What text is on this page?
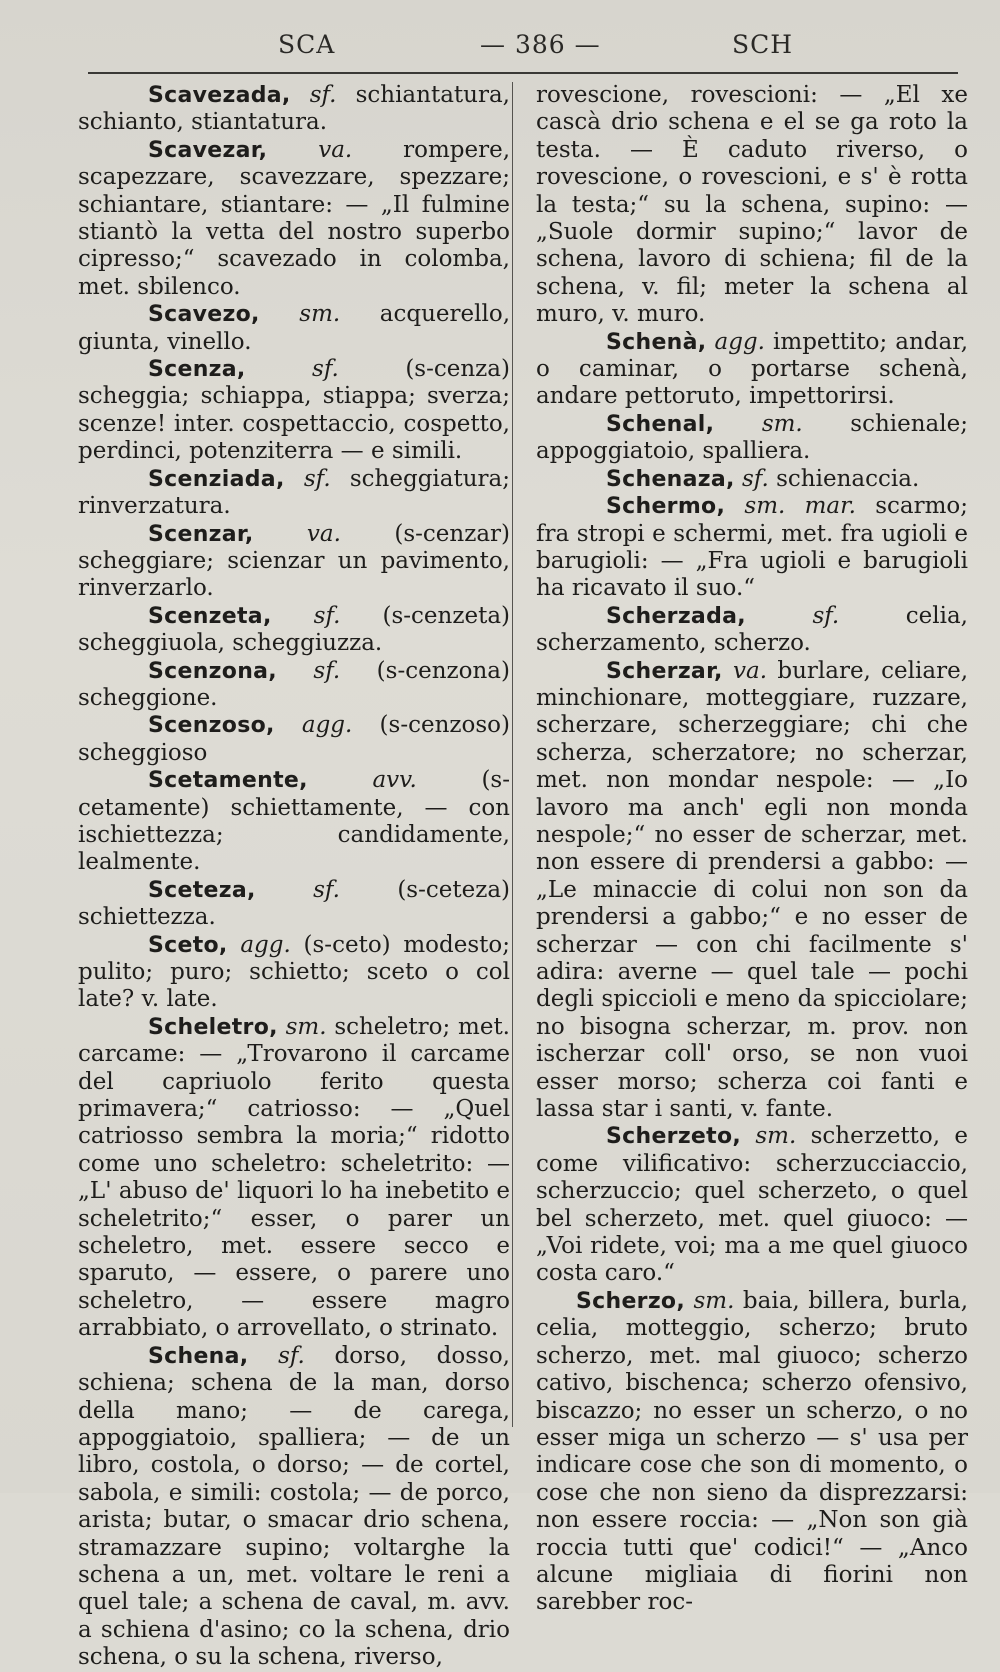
SCA	— 386 —	SCH

Scavezada, sf. schiantatura, schianto, stiantatura.

Scavezar, va. rompere, scapezzare, scavezzare, spezzare; schiantare, stiantare: — „Il fulmine stiantò la vetta del nostro superbo cipresso;“ scavezado in colomba, met. sbilenco.

Scavezo, sm. acquerello, giunta, vinello.

Scenza,	sf.	(s-cenza) scheggia; schiappa, stiappa; sverza; scenze! inter. cospettaccio, cospetto, perdinci, potenziterra — e simili.

Scenziada, sf. scheggiatura; rinverzatura.

Scenzar, va. (s-cenzar) scheggiare; scienzar un pavimento, rinverzarlo.

Scenzeta, sf. (s-cenzeta) scheggiuola, scheggiuzza.

Scenzona, sf. (s-cenzona) scheggione.

Scenzoso, agg. (s-cenzoso) scheggioso

Scetamente,	avv.	(s-cetamente) schiettamente, — con ischiettezza; candidamente, lealmente.

Sceteza, sf. (s-ceteza) schiettezza.

Sceto, agg. (s-ceto) modesto; pulito; puro; schietto; sceto o col late? v. late.

Scheletro, sm. scheletro; met. carcame: — „Trovarono il carcame del capriuolo ferito questa primavera;“ catriosso: — „Quel catriosso sembra la moria;“ ridotto come uno scheletro: scheletrito: — „L' abuso de' liquori lo ha inebetito e scheletrito;“ esser, o parer un scheletro, met. essere secco e sparuto, — essere, o parere uno scheletro, — essere magro arrabbiato, o arrovellato, o strinato.

Schena, sf. dorso, dosso, schiena; schena de la man, dorso della mano; — de carega, appoggiatoio, spalliera; — de un libro, costola, o dorso; — de cortel, sabola, e simili: costola; — de porco, arista; butar, o smacar drio schena, stramazzare supino; voltarghe la schena a un, met. voltare le reni a quel tale; a schena de caval, m. avv. a schiena d'asino; co la schena, drio schena, o su la schena, riverso,

rovescione, rovescioni: — „El xe cascà drio schena e el se ga roto la testa. — È caduto riverso, o rovescione, o rovescioni, e s' è rotta la testa;“ su la schena, supino: — „Suole dormir supino;“ lavor de schena, lavoro di schiena; fil de la schena, v. fil; meter la schena al muro, v. muro.

Schenà, agg. impettito; andar, o caminar, o portarse schenà, andare pettoruto, impettorirsi.

Schenal, sm. schienale; appoggiatoio, spalliera.

Schenaza, sf. schienaccia.

Schermo, sm. mar. scarmo; fra stropi e schermi, met. fra ugioli e barugioli: — „Fra ugioli e barugioli ha ricavato il suo.“

Scherzada,	sf.	celia, scherzamento, scherzo.

Scherzar, va. burlare, celiare, minchionare, motteggiare, ruzzare, scherzare, scherzeggiare; chi che scherza, scherzatore; no scherzar, met. non mondar nespole: — „Io lavoro ma anch' egli non monda nespole;“ no esser de scherzar, met. non essere di prendersi a gabbo: — „Le minaccie di colui non son da prendersi a gabbo;“ e no esser de scherzar — con chi facilmente s' adira: averne — quel tale — pochi degli spiccioli e meno da spicciolare; no bisogna scherzar, m. prov. non ischerzar coll' orso, se non vuoi esser morso; scherza coi fanti e lassa star i santi, v. fante.

Scherzeto, sm. scherzetto, e come vilificativo: scherzucciaccio, scherzuccio; quel scherzeto, o quel bel scherzeto, met. quel giuoco: — „Voi ridete, voi; ma a me quel giuoco costa caro.“

Scherzo, sm. baia, billera, burla, celia, motteggio, scherzo; bruto scherzo, met. mal giuoco; scherzo cativo, bischenca; scherzo ofensivo, biscazzo; no esser un scherzo, o no esser miga un scherzo — s' usa per indicare cose che son di momento, o cose che non sieno da disprezzarsi: non essere roccia: — „Non son già roccia tutti que' codici!“ — „Anco alcune migliaia di fiorini non sarebber roc-
